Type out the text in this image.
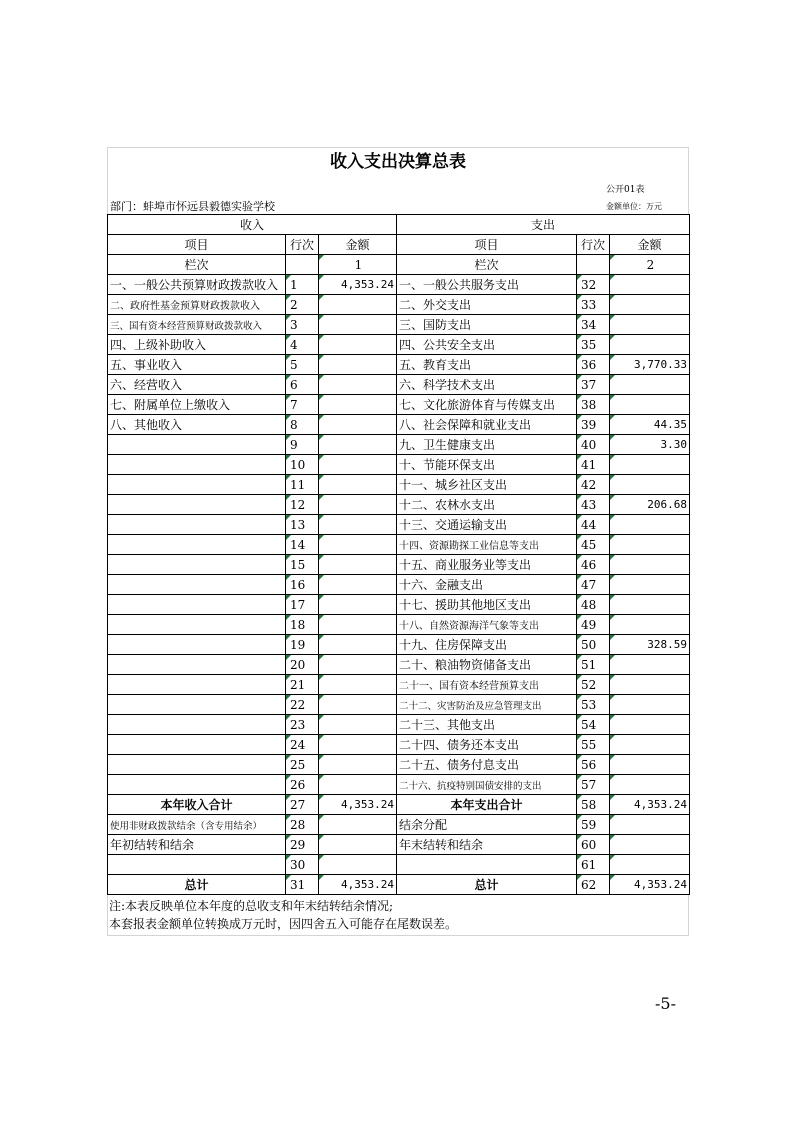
收入支出决算总表
公开01表
部门：蚌埠市怀远县毅德实验学校	金额单位：万元
收入			支出		
项目	行次	金额	项目	行次	金额
栏次		1	栏次		2
一、一般公共预算财政拨款收入	1	4,353.24	一、一般公共服务支出	32	
二、政府性基金预算财政拨款收入	2		二、外交支出	33	
三、国有资本经营预算财政拨款收入	3		三、国防支出	34	
四、上级补助收入	4		四、公共安全支出	35	
五、事业收入	5		五、教育支出	36	3,770.33
六、经营收入	6		六、科学技术支出	37	
七、附属单位上缴收入	7		七、文化旅游体育与传媒支出	38	
八、其他收入	8		八、社会保障和就业支出	39	44.35
	9		九、卫生健康支出	40	3.30
	10		十、节能环保支出	41	
	11		十一、城乡社区支出	42	
	12		十二、农林水支出	43	206.68
	13		十三、交通运输支出	44	
	14		十四、资源勘探工业信息等支出	45	
	15		十五、商业服务业等支出	46	
	16		十六、金融支出	47	
	17		十七、援助其他地区支出	48	
	18		十八、自然资源海洋气象等支出	49	
	19		十九、住房保障支出	50	328.59
	20		二十、粮油物资储备支出	51	
	21		二十一、国有资本经营预算支出	52	
	22		二十二、灾害防治及应急管理支出	53	
	23		二十三、其他支出	54	
	24		二十四、债务还本支出	55	
	25		二十五、债务付息支出	56	
	26		二十六、抗疫特别国债安排的支出	57	
本年收入合计	27	4,353.24	本年支出合计	58	4,353.24
使用非财政拨款结余（含专用结余）	28		结余分配	59	
年初结转和结余	29		年末结转和结余	60	
	30			61	
总计	31	4,353.24	总计	62	4,353.24
注:本表反映单位本年度的总收支和年末结转结余情况;
本套报表金额单位转换成万元时，因四舍五入可能存在尾数误差。
-5-
